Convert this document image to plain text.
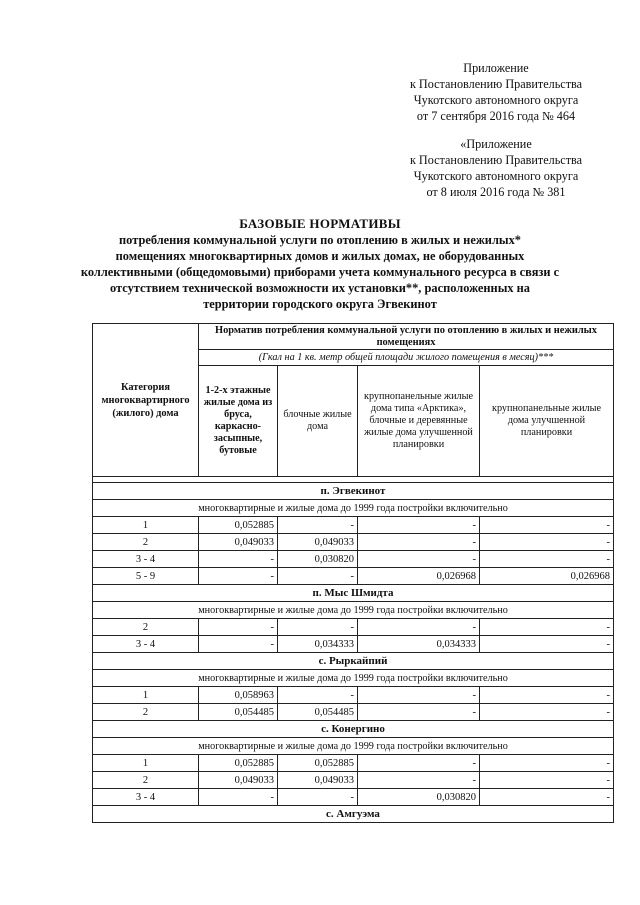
Приложение
к Постановлению Правительства
Чукотского автономного округа
от 7 сентября 2016 года № 464
«Приложение
к Постановлению Правительства
Чукотского автономного округа
от 8 июля 2016 года № 381
БАЗОВЫЕ НОРМАТИВЫ
потребления коммунальной услуги по отоплению в жилых и нежилых*
помещениях многоквартирных домов и жилых домах, не оборудованных
коллективными (общедомовыми) приборами учета коммунального ресурса в связи с
отсутствием технической возможности их установки**, расположенных на
территории городского округа Эгвекинот
Категория многоквартирного (жилого) дома	Норматив потребления коммунальной услуги по отоплению в жилых и нежилых помещениях			
	(Гкал на 1 кв. метр общей площади жилого помещения в месяц)***			
	1-2-х этажные жилые дома из бруса, каркасно-засыпные, бутовые	блочные жилые дома	крупнопанельные жилые дома типа «Арктика», блочные и деревянные жилые дома улучшенной планировки	крупнопанельные жилые дома улучшенной планировки

п. Эгвекинот				
многоквартирные и жилые дома до 1999 года постройки включительно				
1	0,052885	-	-	-
2	0,049033	0,049033	-	-
3 - 4	-	0,030820	-	-
5 - 9	-	-	0,026968	0,026968
п. Мыс Шмидта				
многоквартирные и жилые дома до 1999 года постройки включительно				
2	-	-	-	-
3 - 4	-	0,034333	0,034333	-
с. Рыркайпий				
многоквартирные и жилые дома до 1999 года постройки включительно				
1	0,058963	-	-	-
2	0,054485	0,054485	-	-
с. Конергино				
многоквартирные и жилые дома до 1999 года постройки включительно				
1	0,052885	0,052885	-	-
2	0,049033	0,049033	-	-
3 - 4	-	-	0,030820	-
с. Амгуэма				
